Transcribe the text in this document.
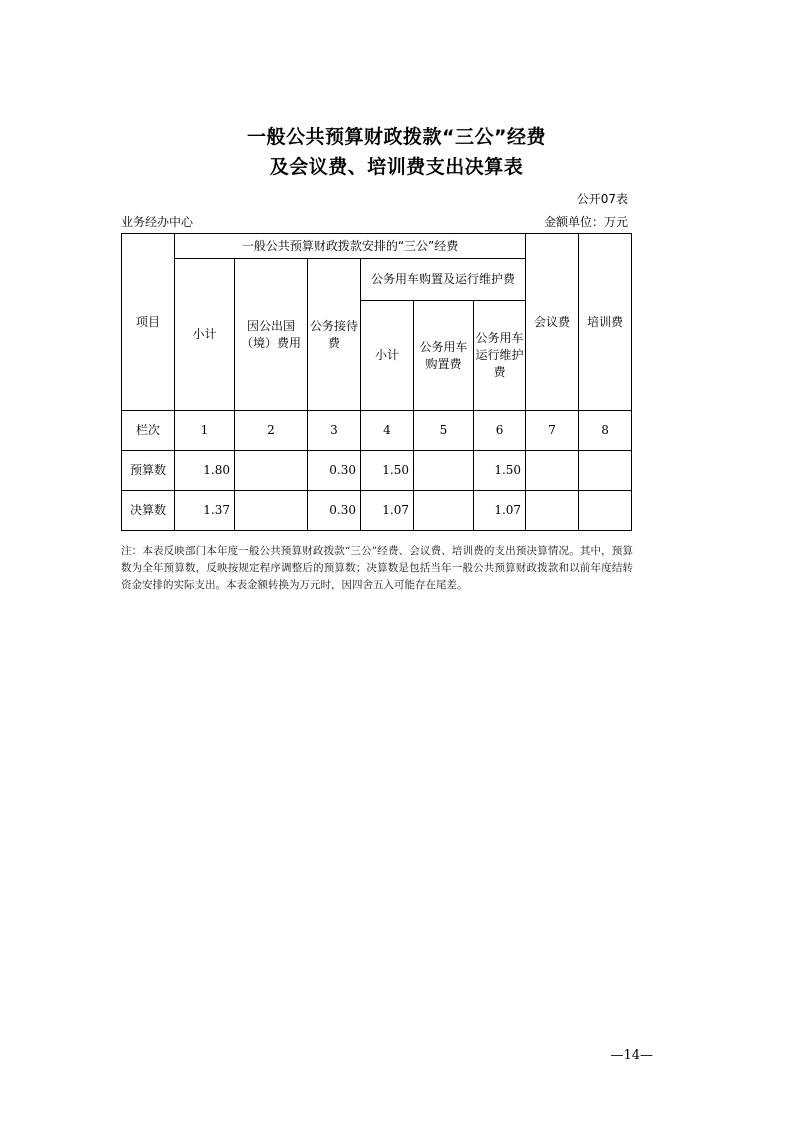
一般公共预算财政拨款“三公”经费
及会议费、培训费支出决算表
公开07表
业务经办中心	金额单位：万元
项目	一般公共预算财政拨款安排的“三公”经费						会议费	培训费
	小计	因公出国（境）费用	公务接待费	公务用车购置及运行维护费				
				小计	公务用车购置费	公务用车运行维护费		

栏次	1	2	3	4	5	6	7	8
预算数	1.80		0.30	1.50		1.50		
决算数	1.37		0.30	1.07		1.07		
注：本表反映部门本年度一般公共预算财政拨款“三公”经费、会议费、培训费的支出预决算情况。其中，预算数为全年预算数，反映按规定程序调整后的预算数；决算数是包括当年一般公共预算财政拨款和以前年度结转资金安排的实际支出。本表金额转换为万元时，因四舍五入可能存在尾差。
—14—
